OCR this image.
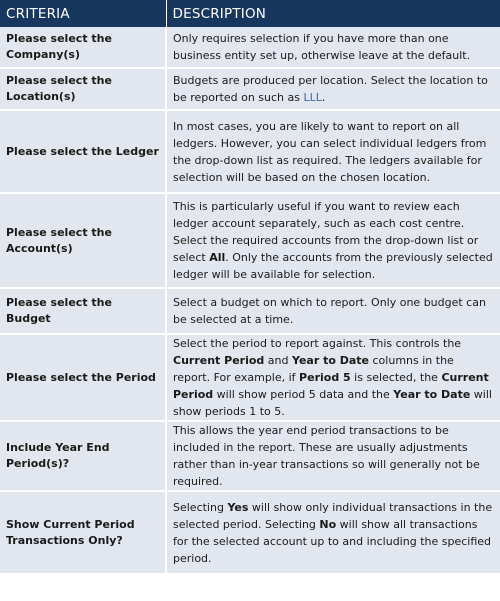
CRITERIA	DESCRIPTION
Please select the Company(s)	Only requires selection if you have more than one business entity set up, otherwise leave at the default.
Please select the Location(s)	Budgets are produced per location. Select the location to be reported on such as LLL.
Please select the Ledger	In most cases, you are likely to want to report on all ledgers. However, you can select individual ledgers from the drop-down list as required. The ledgers available for selection will be based on the chosen location.
Please select the Account(s)	This is particularly useful if you want to review each ledger account separately, such as each cost centre. Select the required accounts from the drop-down list or select All. Only the accounts from the previously selected ledger will be available for selection.
Please select the Budget	Select a budget on which to report. Only one budget can be selected at a time.
Please select the Period	Select the period to report against. This controls the Current Period and Year to Date columns in the report. For example, if Period 5 is selected, the Current Period will show period 5 data and the Year to Date will show periods 1 to 5.
Include Year End Period(s)?	This allows the year end period transactions to be included in the report. These are usually adjustments rather than in-year transactions so will generally not be required.
Show Current Period Transactions Only?	Selecting Yes will show only individual transactions in the selected period. Selecting No will show all transactions for the selected account up to and including the specified period.
